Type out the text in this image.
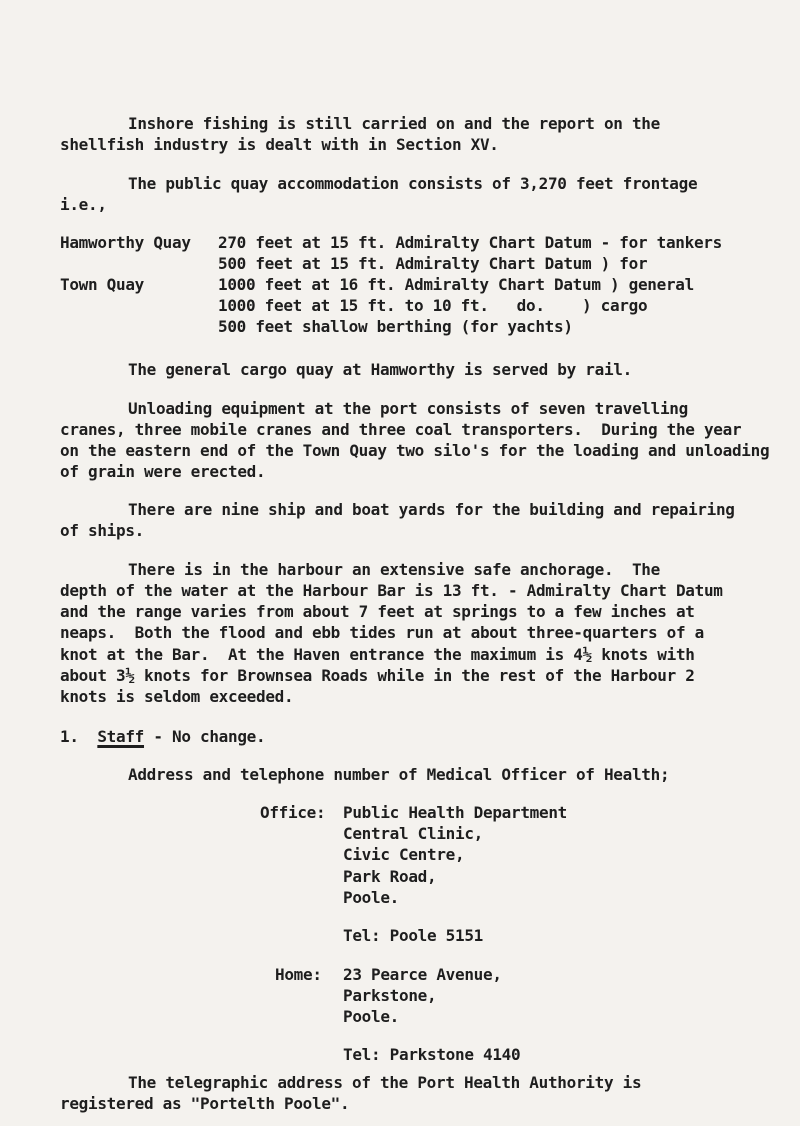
Inshore fishing is still carried on and the report on the
shellfish industry is dealt with in Section XV.
The public quay accommodation consists of 3,270 feet frontage
i.e.,
Hamworthy Quay
Town Quay
270 feet at 15 ft. Admiralty Chart Datum - for tankers
500 feet at 15 ft. Admiralty Chart Datum ) for
1000 feet at 16 ft. Admiralty Chart Datum ) general
1000 feet at 15 ft. to 10 ft.   do.    ) cargo
500 feet shallow berthing (for yachts)
The general cargo quay at Hamworthy is served by rail.
Unloading equipment at the port consists of seven travelling
cranes, three mobile cranes and three coal transporters.  During the year
on the eastern end of the Town Quay two silo's for the loading and unloading
of grain were erected.
There are nine ship and boat yards for the building and repairing
of ships.
There is in the harbour an extensive safe anchorage.  The
depth of the water at the Harbour Bar is 13 ft. - Admiralty Chart Datum
and the range varies from about 7 feet at springs to a few inches at
neaps.  Both the flood and ebb tides run at about three-quarters of a
knot at the Bar.  At the Haven entrance the maximum is 4½ knots with
about 3½ knots for Brownsea Roads while in the rest of the Harbour 2
knots is seldom exceeded.
1. Staff - No change.
Address and telephone number of Medical Officer of Health;
Office: Public Health Department
Central Clinic,
Civic Centre,
Park Road,
Poole.
Tel: Poole 5151
Home: 23 Pearce Avenue,
Parkstone,
Poole.
Tel: Parkstone 4140
The telegraphic address of the Port Health Authority is
registered as "Portelth Poole".
